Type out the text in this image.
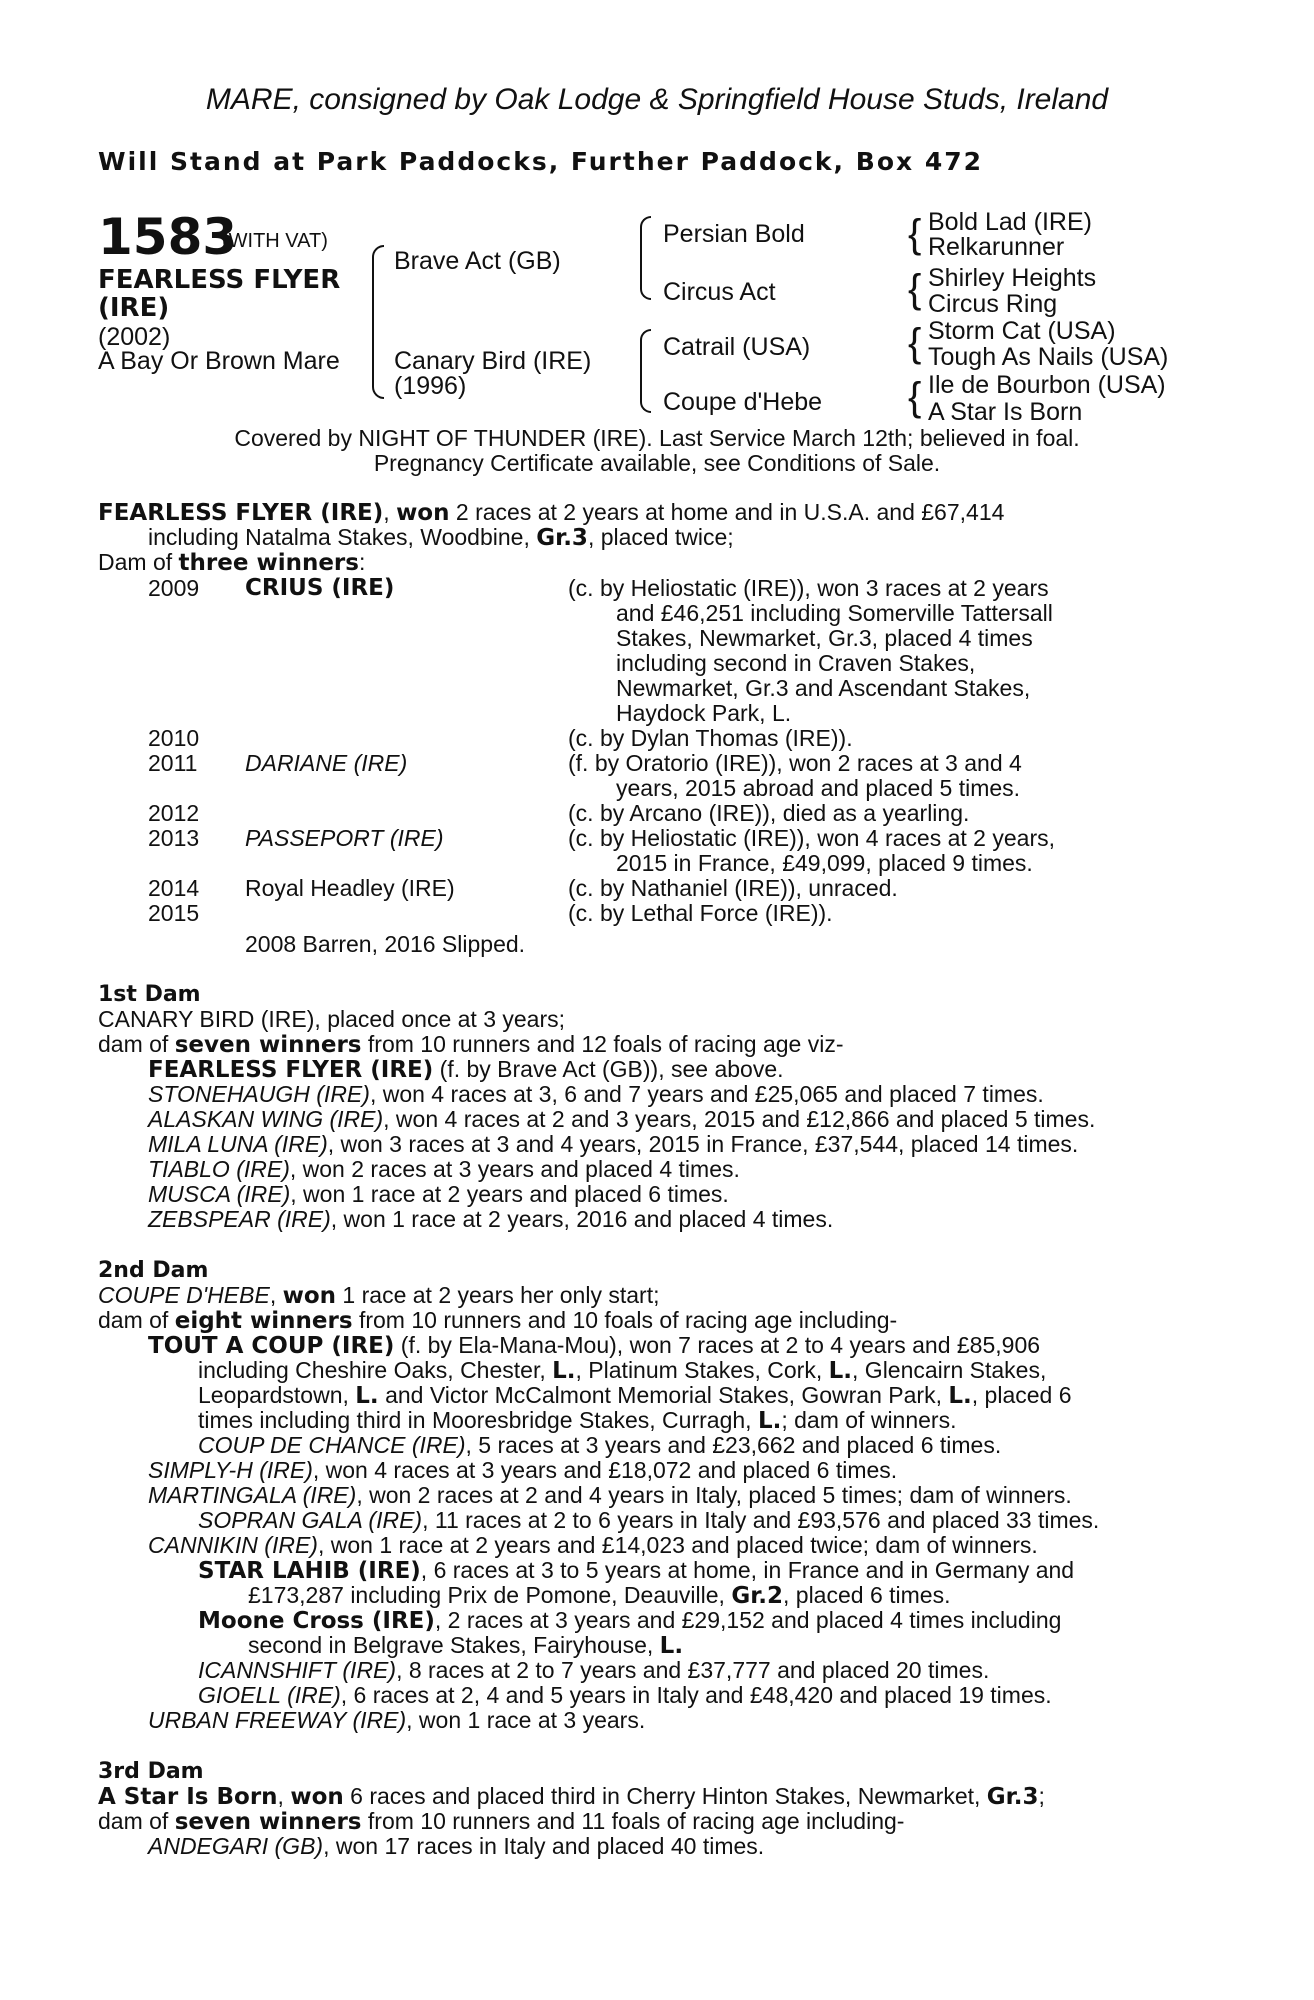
MARE, consigned by Oak Lodge & Springfield House Studs, Ireland
Will Stand at Park Paddocks, Further Paddock, Box 472
1583
(WITH VAT)
FEARLESS FLYER
(IRE)
(2002)
A Bay Or Brown Mare
Brave Act (GB)
Canary Bird (IRE)
(1996)
Persian Bold
Circus Act
Catrail (USA)
Coupe d'Hebe
{ Bold Lad (IRE)
Relkarunner
{ Shirley Heights
Circus Ring
{ Storm Cat (USA)
Tough As Nails (USA)
{ Ile de Bourbon (USA)
A Star Is Born
Covered by NIGHT OF THUNDER (IRE). Last Service March 12th; believed in foal.
Pregnancy Certificate available, see Conditions of Sale.
FEARLESS FLYER (IRE), won 2 races at 2 years at home and in U.S.A. and £67,414
including Natalma Stakes, Woodbine, Gr.3, placed twice;
Dam of three winners:
2009 CRIUS (IRE)	(c. by Heliostatic (IRE)), won 3 races at 2 years
and £46,251 including Somerville Tattersall
Stakes, Newmarket, Gr.3, placed 4 times
including second in Craven Stakes,
Newmarket, Gr.3 and Ascendant Stakes,
Haydock Park, L.
2010	(c. by Dylan Thomas (IRE)).
2011 DARIANE (IRE)	(f. by Oratorio (IRE)), won 2 races at 3 and 4
years, 2015 abroad and placed 5 times.
2012	(c. by Arcano (IRE)), died as a yearling.
2013 PASSEPORT (IRE)	(c. by Heliostatic (IRE)), won 4 races at 2 years,
2015 in France, £49,099, placed 9 times.
2014 Royal Headley (IRE)	(c. by Nathaniel (IRE)), unraced.
2015	(c. by Lethal Force (IRE)).
2008 Barren, 2016 Slipped.
1st Dam
CANARY BIRD (IRE), placed once at 3 years;
dam of seven winners from 10 runners and 12 foals of racing age viz-
FEARLESS FLYER (IRE) (f. by Brave Act (GB)), see above.
STONEHAUGH (IRE), won 4 races at 3, 6 and 7 years and £25,065 and placed 7 times.
ALASKAN WING (IRE), won 4 races at 2 and 3 years, 2015 and £12,866 and placed 5 times.
MILA LUNA (IRE), won 3 races at 3 and 4 years, 2015 in France, £37,544, placed 14 times.
TIABLO (IRE), won 2 races at 3 years and placed 4 times.
MUSCA (IRE), won 1 race at 2 years and placed 6 times.
ZEBSPEAR (IRE), won 1 race at 2 years, 2016 and placed 4 times.
2nd Dam
COUPE D'HEBE, won 1 race at 2 years her only start;
dam of eight winners from 10 runners and 10 foals of racing age including-
TOUT A COUP (IRE) (f. by Ela-Mana-Mou), won 7 races at 2 to 4 years and £85,906
including Cheshire Oaks, Chester, L., Platinum Stakes, Cork, L., Glencairn Stakes,
Leopardstown, L. and Victor McCalmont Memorial Stakes, Gowran Park, L., placed 6
times including third in Mooresbridge Stakes, Curragh, L.; dam of winners.
COUP DE CHANCE (IRE), 5 races at 3 years and £23,662 and placed 6 times.
SIMPLY-H (IRE), won 4 races at 3 years and £18,072 and placed 6 times.
MARTINGALA (IRE), won 2 races at 2 and 4 years in Italy, placed 5 times; dam of winners.
SOPRAN GALA (IRE), 11 races at 2 to 6 years in Italy and £93,576 and placed 33 times.
CANNIKIN (IRE), won 1 race at 2 years and £14,023 and placed twice; dam of winners.
STAR LAHIB (IRE), 6 races at 3 to 5 years at home, in France and in Germany and
£173,287 including Prix de Pomone, Deauville, Gr.2, placed 6 times.
Moone Cross (IRE), 2 races at 3 years and £29,152 and placed 4 times including
second in Belgrave Stakes, Fairyhouse, L.
ICANNSHIFT (IRE), 8 races at 2 to 7 years and £37,777 and placed 20 times.
GIOELL (IRE), 6 races at 2, 4 and 5 years in Italy and £48,420 and placed 19 times.
URBAN FREEWAY (IRE), won 1 race at 3 years.
3rd Dam
A Star Is Born, won 6 races and placed third in Cherry Hinton Stakes, Newmarket, Gr.3;
dam of seven winners from 10 runners and 11 foals of racing age including-
ANDEGARI (GB), won 17 races in Italy and placed 40 times.
